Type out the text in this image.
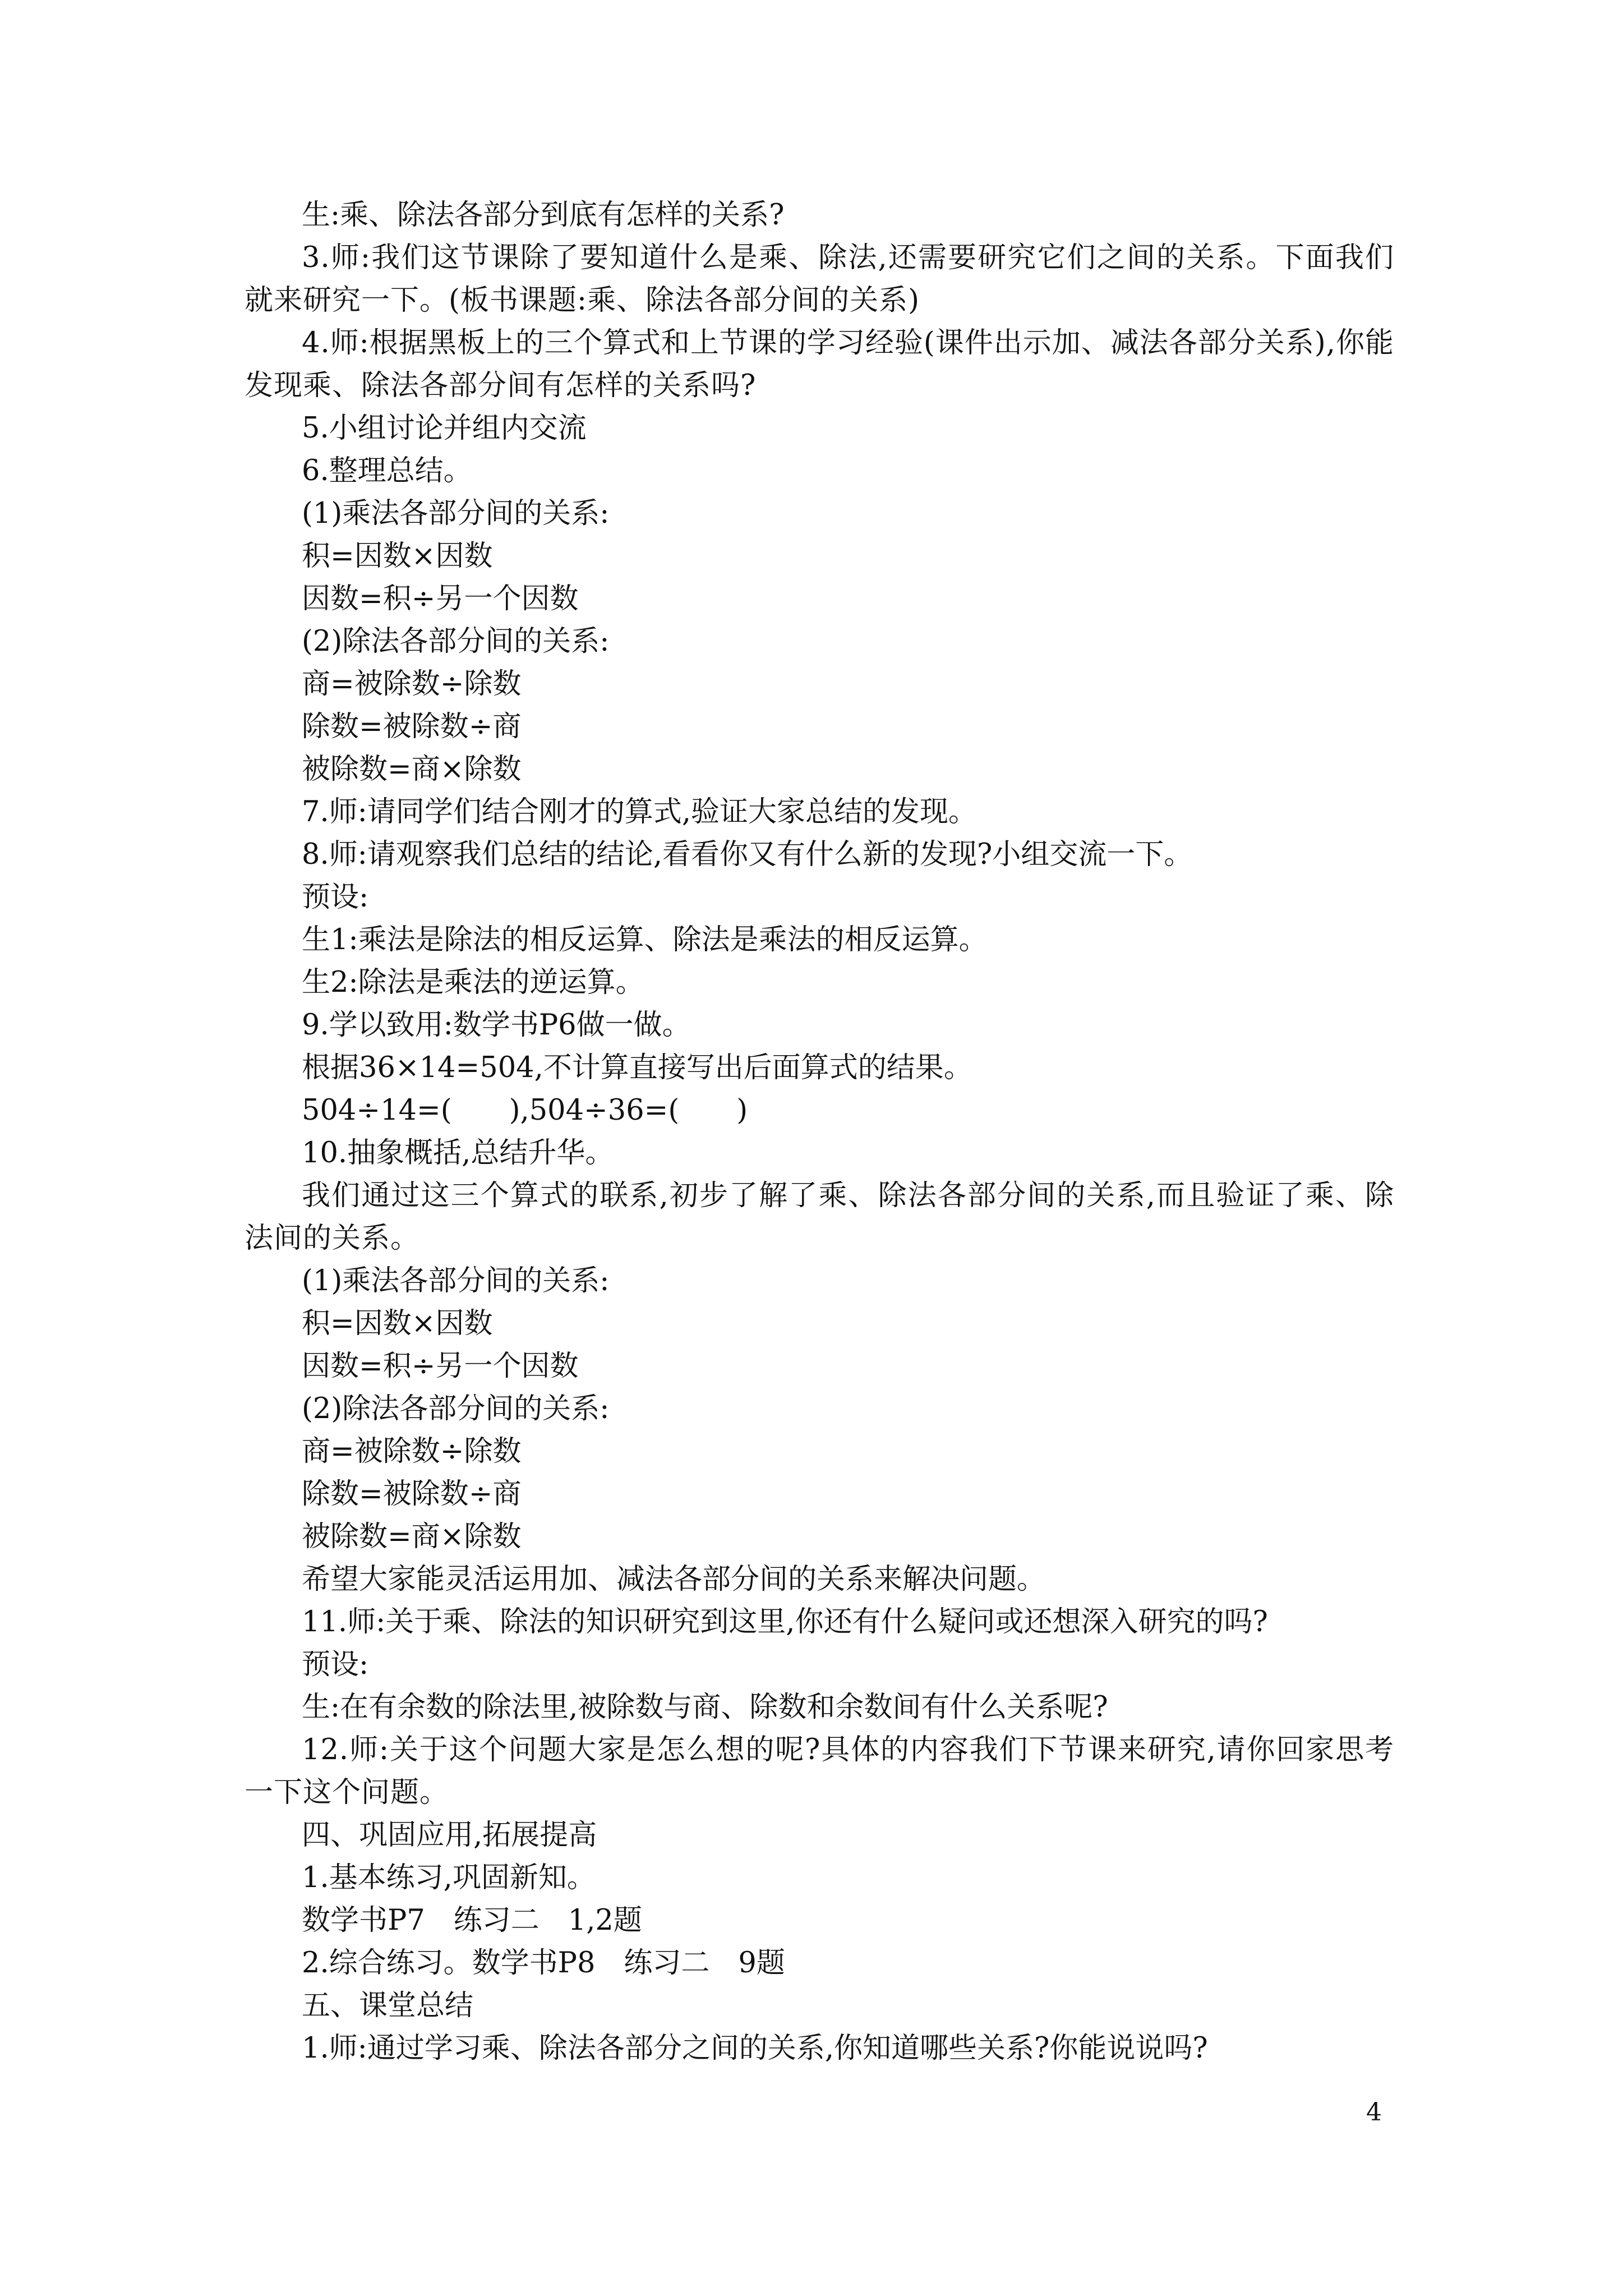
生:乘、除法各部分到底有怎样的关系?

3.师:我们这节课除了要知道什么是乘、除法,还需要研究它们之间的关系。下面我们就来研究一下。(板书课题:乘、除法各部分间的关系)

4.师:根据黑板上的三个算式和上节课的学习经验(课件出示加、减法各部分关系),你能发现乘、除法各部分间有怎样的关系吗?

5.小组讨论并组内交流

6.整理总结。

(1)乘法各部分间的关系:

积=因数×因数

因数=积÷另一个因数

(2)除法各部分间的关系:

商=被除数÷除数

除数=被除数÷商

被除数=商×除数

7.师:请同学们结合刚才的算式,验证大家总结的发现。

8.师:请观察我们总结的结论,看看你又有什么新的发现?小组交流一下。

预设:

生1:乘法是除法的相反运算、除法是乘法的相反运算。

生2:除法是乘法的逆运算。

9.学以致用:数学书P6做一做。

根据36×14=504,不计算直接写出后面算式的结果。

504÷14=(　　),504÷36=(　　)

10.抽象概括,总结升华。

我们通过这三个算式的联系,初步了解了乘、除法各部分间的关系,而且验证了乘、除法间的关系。

(1)乘法各部分间的关系:

积=因数×因数

因数=积÷另一个因数

(2)除法各部分间的关系:

商=被除数÷除数

除数=被除数÷商

被除数=商×除数

希望大家能灵活运用加、减法各部分间的关系来解决问题。

11.师:关于乘、除法的知识研究到这里,你还有什么疑问或还想深入研究的吗?

预设:

生:在有余数的除法里,被除数与商、除数和余数间有什么关系呢?

12.师:关于这个问题大家是怎么想的呢?具体的内容我们下节课来研究,请你回家思考一下这个问题。

四、巩固应用,拓展提高

1.基本练习,巩固新知。

数学书P7　练习二　1,2题

2.综合练习。数学书P8　练习二　9题

五、课堂总结

1.师:通过学习乘、除法各部分之间的关系,你知道哪些关系?你能说说吗?

4
